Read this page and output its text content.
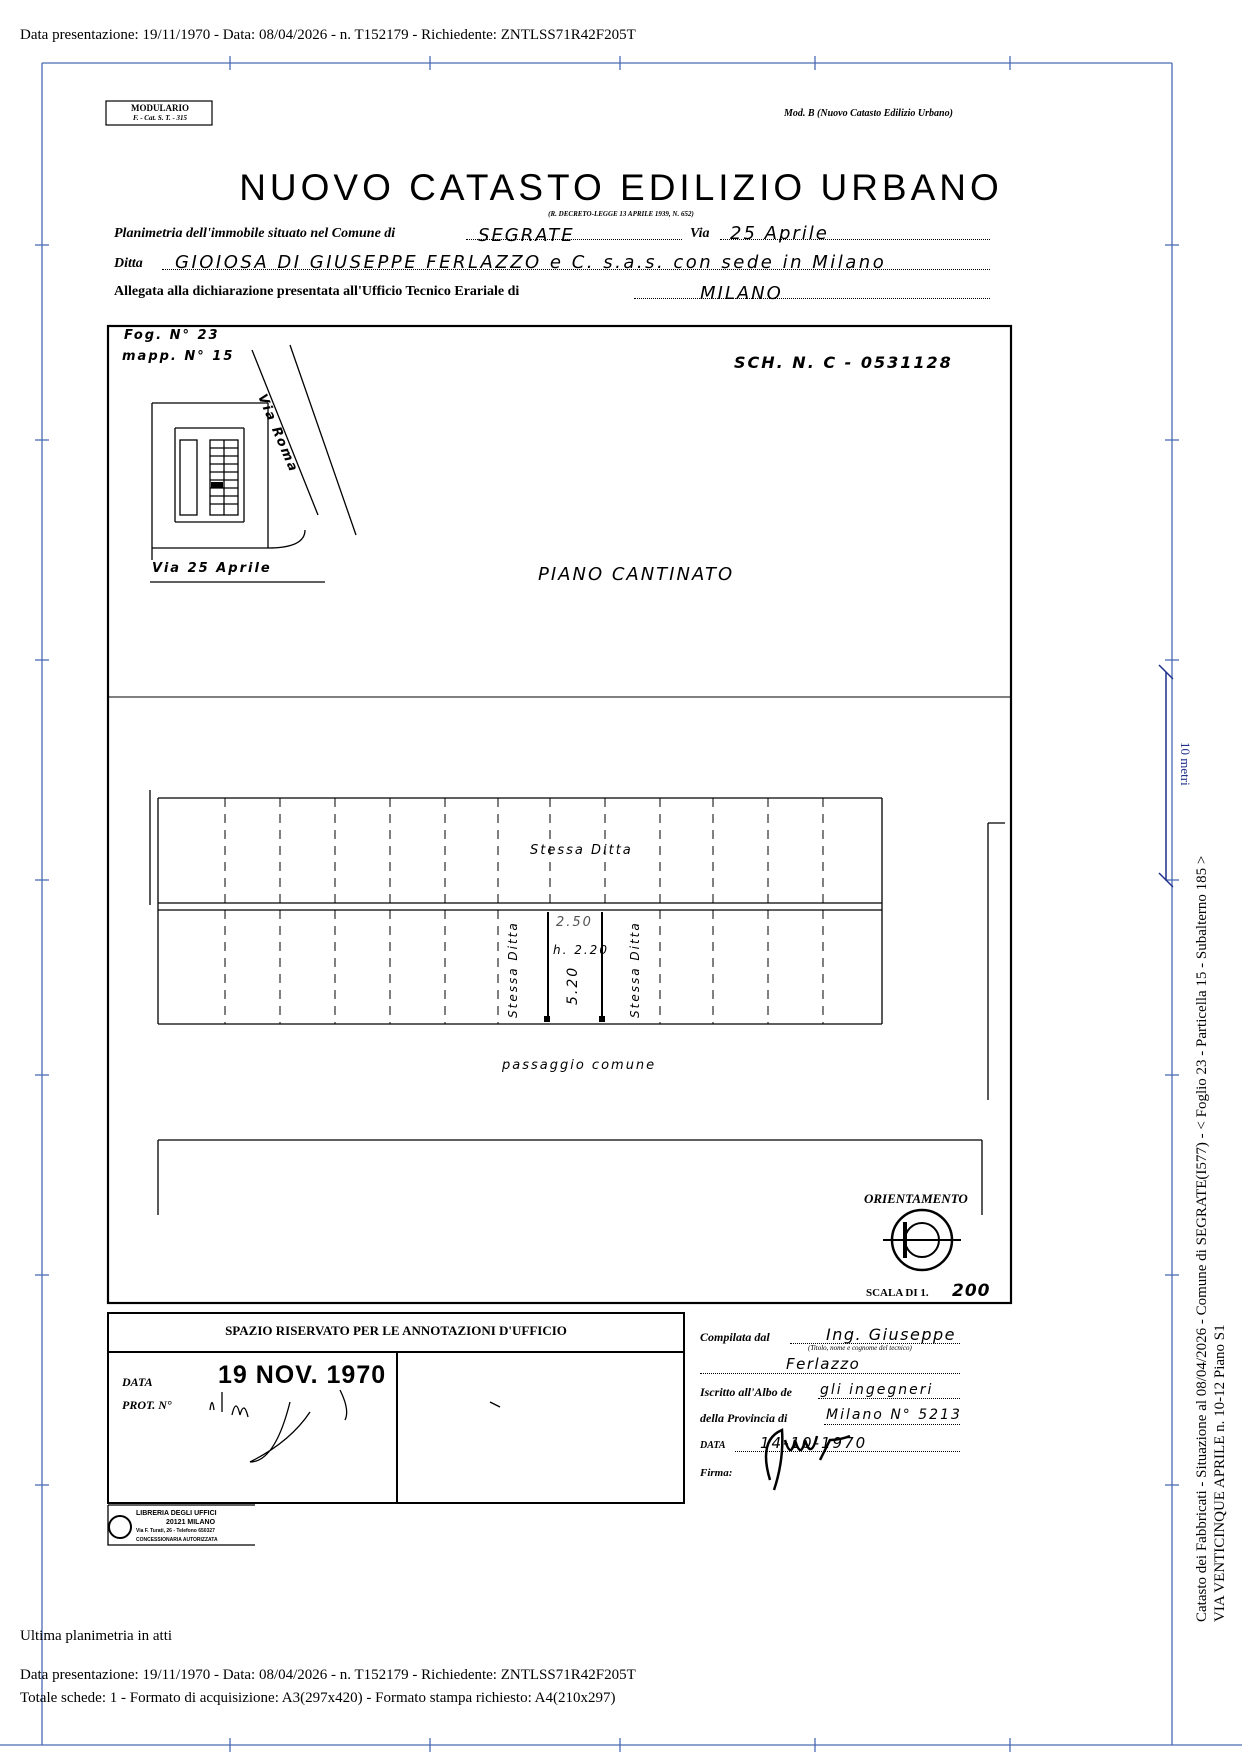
Data presentazione: 19/11/1970 - Data: 08/04/2026 - n. T152179 - Richiedente: ZNTLSS71R42F205T
MODULARIO
F. - Cat. S. T. - 315	Mod. B (Nuovo Catasto Edilizio Urbano)
NUOVO CATASTO EDILIZIO URBANO
(R. DECRETO-LEGGE 13 APRILE 1939, N. 652)
Planimetria dell'immobile situato nel Comune di	SEGRATE	Via 25 Aprile
Ditta GIOIOSA DI GIUSEPPE FERLAZZO e C. s.a.s. con sede in Milano
Allegata alla dichiarazione presentata all'Ufficio Tecnico Erariale di	MILANO
Fog. N° 23
mapp. N° 15	SCH. N. C - 0531128
Via Roma
Via 25 Aprile	PIANO CANTINATO
Stessa Ditta
Stessa Ditta	Stessa Ditta
2.50
h. 2.20
5.20
passaggio comune
ORIENTAMENTO
SCALA DI 1. 200
SPAZIO RISERVATO PER LE ANNOTAZIONI D'UFFICIO
DATA	19 NOV. 1970
PROT. N°
Compilata dal	Ing. Giuseppe
(Titolo, nome e cognome del tecnico)
Ferlazzo
Iscritto all'Albo de gli ingegneri
della Provincia di	Milano N° 5213
DATA 14-10-1970
Firma:
LIBRERIA DEGLI UFFICI
20121 MILANO
Via F. Turati, 26 - Telefono 650327
CONCESSIONARIA AUTORIZZATA
10 metri
Catasto dei Fabbricati - Situazione al 08/04/2026 - Comune di SEGRATE(I577) - < Foglio 23 - Particella 15 - Subalterno 185 > VIA VENTICINQUE APRILE n. 10-12 Piano S1
Ultima planimetria in atti
Data presentazione: 19/11/1970 - Data: 08/04/2026 - n. T152179 - Richiedente: ZNTLSS71R42F205T
Totale schede: 1 - Formato di acquisizione: A3(297x420) - Formato stampa richiesto: A4(210x297)
